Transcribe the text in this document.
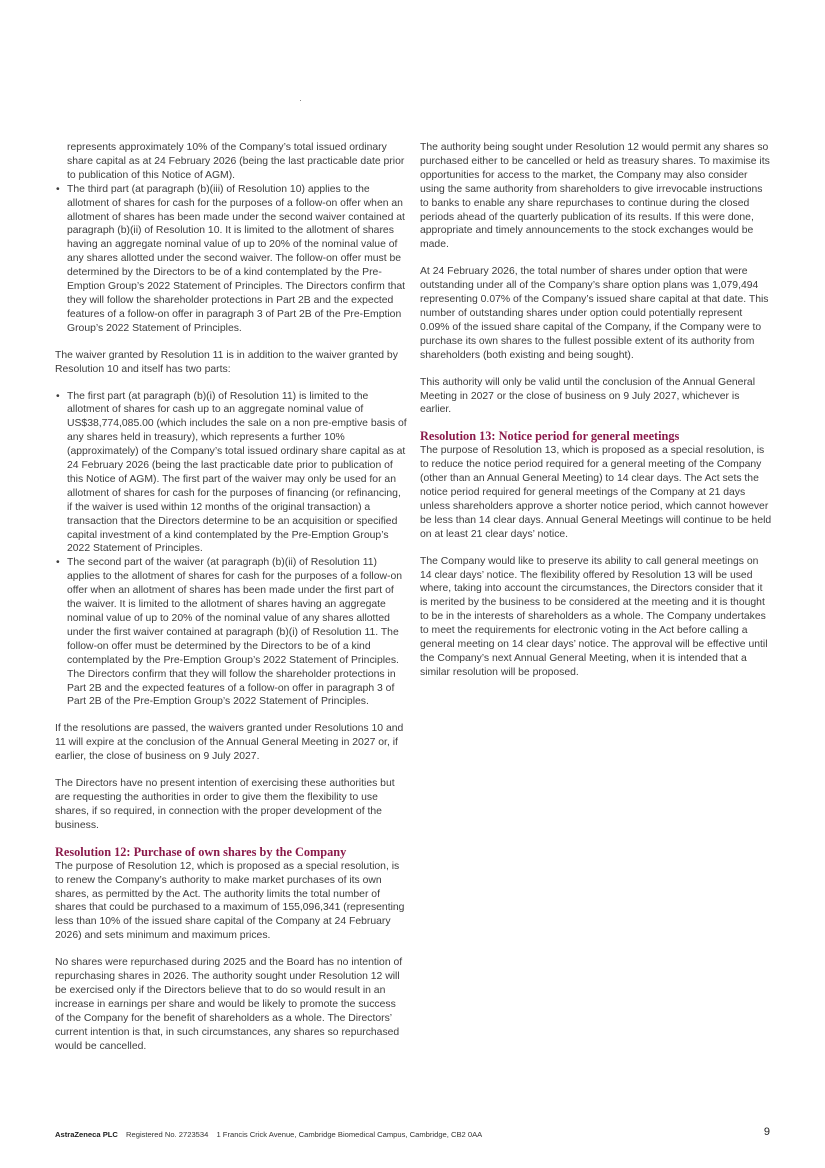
represents approximately 10% of the Company’s total issued ordinary share capital as at 24 February 2026 (being the last practicable date prior to publication of this Notice of AGM).

• The third part (at paragraph (b)(iii) of Resolution 10) applies to the allotment of shares for cash for the purposes of a follow-on offer when an allotment of shares has been made under the second waiver contained at paragraph (b)(ii) of Resolution 10. It is limited to the allotment of shares having an aggregate nominal value of up to 20% of the nominal value of any shares allotted under the second waiver. The follow-on offer must be determined by the Directors to be of a kind contemplated by the Pre-Emption Group’s 2022 Statement of Principles. The Directors confirm that they will follow the shareholder protections in Part 2B and the expected features of a follow-on offer in paragraph 3 of Part 2B of the Pre-Emption Group’s 2022 Statement of Principles.

The waiver granted by Resolution 11 is in addition to the waiver granted by Resolution 10 and itself has two parts:

• The first part (at paragraph (b)(i) of Resolution 11) is limited to the allotment of shares for cash up to an aggregate nominal value of US$38,774,085.00 (which includes the sale on a non pre-emptive basis of any shares held in treasury), which represents a further 10% (approximately) of the Company’s total issued ordinary share capital as at 24 February 2026 (being the last practicable date prior to publication of this Notice of AGM). The first part of the waiver may only be used for an allotment of shares for cash for the purposes of financing (or refinancing, if the waiver is used within 12 months of the original transaction) a transaction that the Directors determine to be an acquisition or specified capital investment of a kind contemplated by the Pre-Emption Group’s 2022 Statement of Principles.
• The second part of the waiver (at paragraph (b)(ii) of Resolution 11) applies to the allotment of shares for cash for the purposes of a follow-on offer when an allotment of shares has been made under the first part of the waiver. It is limited to the allotment of shares having an aggregate nominal value of up to 20% of the nominal value of any shares allotted under the first waiver contained at paragraph (b)(i) of Resolution 11. The follow-on offer must be determined by the Directors to be of a kind contemplated by the Pre-Emption Group’s 2022 Statement of Principles. The Directors confirm that they will follow the shareholder protections in Part 2B and the expected features of a follow-on offer in paragraph 3 of Part 2B of the Pre-Emption Group’s 2022 Statement of Principles.

If the resolutions are passed, the waivers granted under Resolutions 10 and 11 will expire at the conclusion of the Annual General Meeting in 2027 or, if earlier, the close of business on 9 July 2027.

The Directors have no present intention of exercising these authorities but are requesting the authorities in order to give them the flexibility to use shares, if so required, in connection with the proper development of the business.

Resolution 12: Purchase of own shares by the Company

The purpose of Resolution 12, which is proposed as a special resolution, is to renew the Company’s authority to make market purchases of its own shares, as permitted by the Act. The authority limits the total number of shares that could be purchased to a maximum of 155,096,341 (representing less than 10% of the issued share capital of the Company at 24 February 2026) and sets minimum and maximum prices.

No shares were repurchased during 2025 and the Board has no intention of repurchasing shares in 2026. The authority sought under Resolution 12 will be exercised only if the Directors believe that to do so would result in an increase in earnings per share and would be likely to promote the success of the Company for the benefit of shareholders as a whole. The Directors’ current intention is that, in such circumstances, any shares so repurchased would be cancelled.

The authority being sought under Resolution 12 would permit any shares so purchased either to be cancelled or held as treasury shares. To maximise its opportunities for access to the market, the Company may also consider using the same authority from shareholders to give irrevocable instructions to banks to enable any share repurchases to continue during the closed periods ahead of the quarterly publication of its results. If this were done, appropriate and timely announcements to the stock exchanges would be made.

At 24 February 2026, the total number of shares under option that were outstanding under all of the Company’s share option plans was 1,079,494 representing 0.07% of the Company’s issued share capital at that date. This number of outstanding shares under option could potentially represent 0.09% of the issued share capital of the Company, if the Company were to purchase its own shares to the fullest possible extent of its authority from shareholders (both existing and being sought).

This authority will only be valid until the conclusion of the Annual General Meeting in 2027 or the close of business on 9 July 2027, whichever is earlier.

Resolution 13: Notice period for general meetings

The purpose of Resolution 13, which is proposed as a special resolution, is to reduce the notice period required for a general meeting of the Company (other than an Annual General Meeting) to 14 clear days. The Act sets the notice period required for general meetings of the Company at 21 days unless shareholders approve a shorter notice period, which cannot however be less than 14 clear days. Annual General Meetings will continue to be held on at least 21 clear days’ notice.

The Company would like to preserve its ability to call general meetings on 14 clear days’ notice. The flexibility offered by Resolution 13 will be used where, taking into account the circumstances, the Directors consider that it is merited by the business to be considered at the meeting and it is thought to be in the interests of shareholders as a whole. The Company undertakes to meet the requirements for electronic voting in the Act before calling a general meeting on 14 clear days’ notice. The approval will be effective until the Company’s next Annual General Meeting, when it is intended that a similar resolution will be proposed.

AstraZeneca PLC Registered No. 2723534 1 Francis Crick Avenue, Cambridge Biomedical Campus, Cambridge, CB2 0AA	9
